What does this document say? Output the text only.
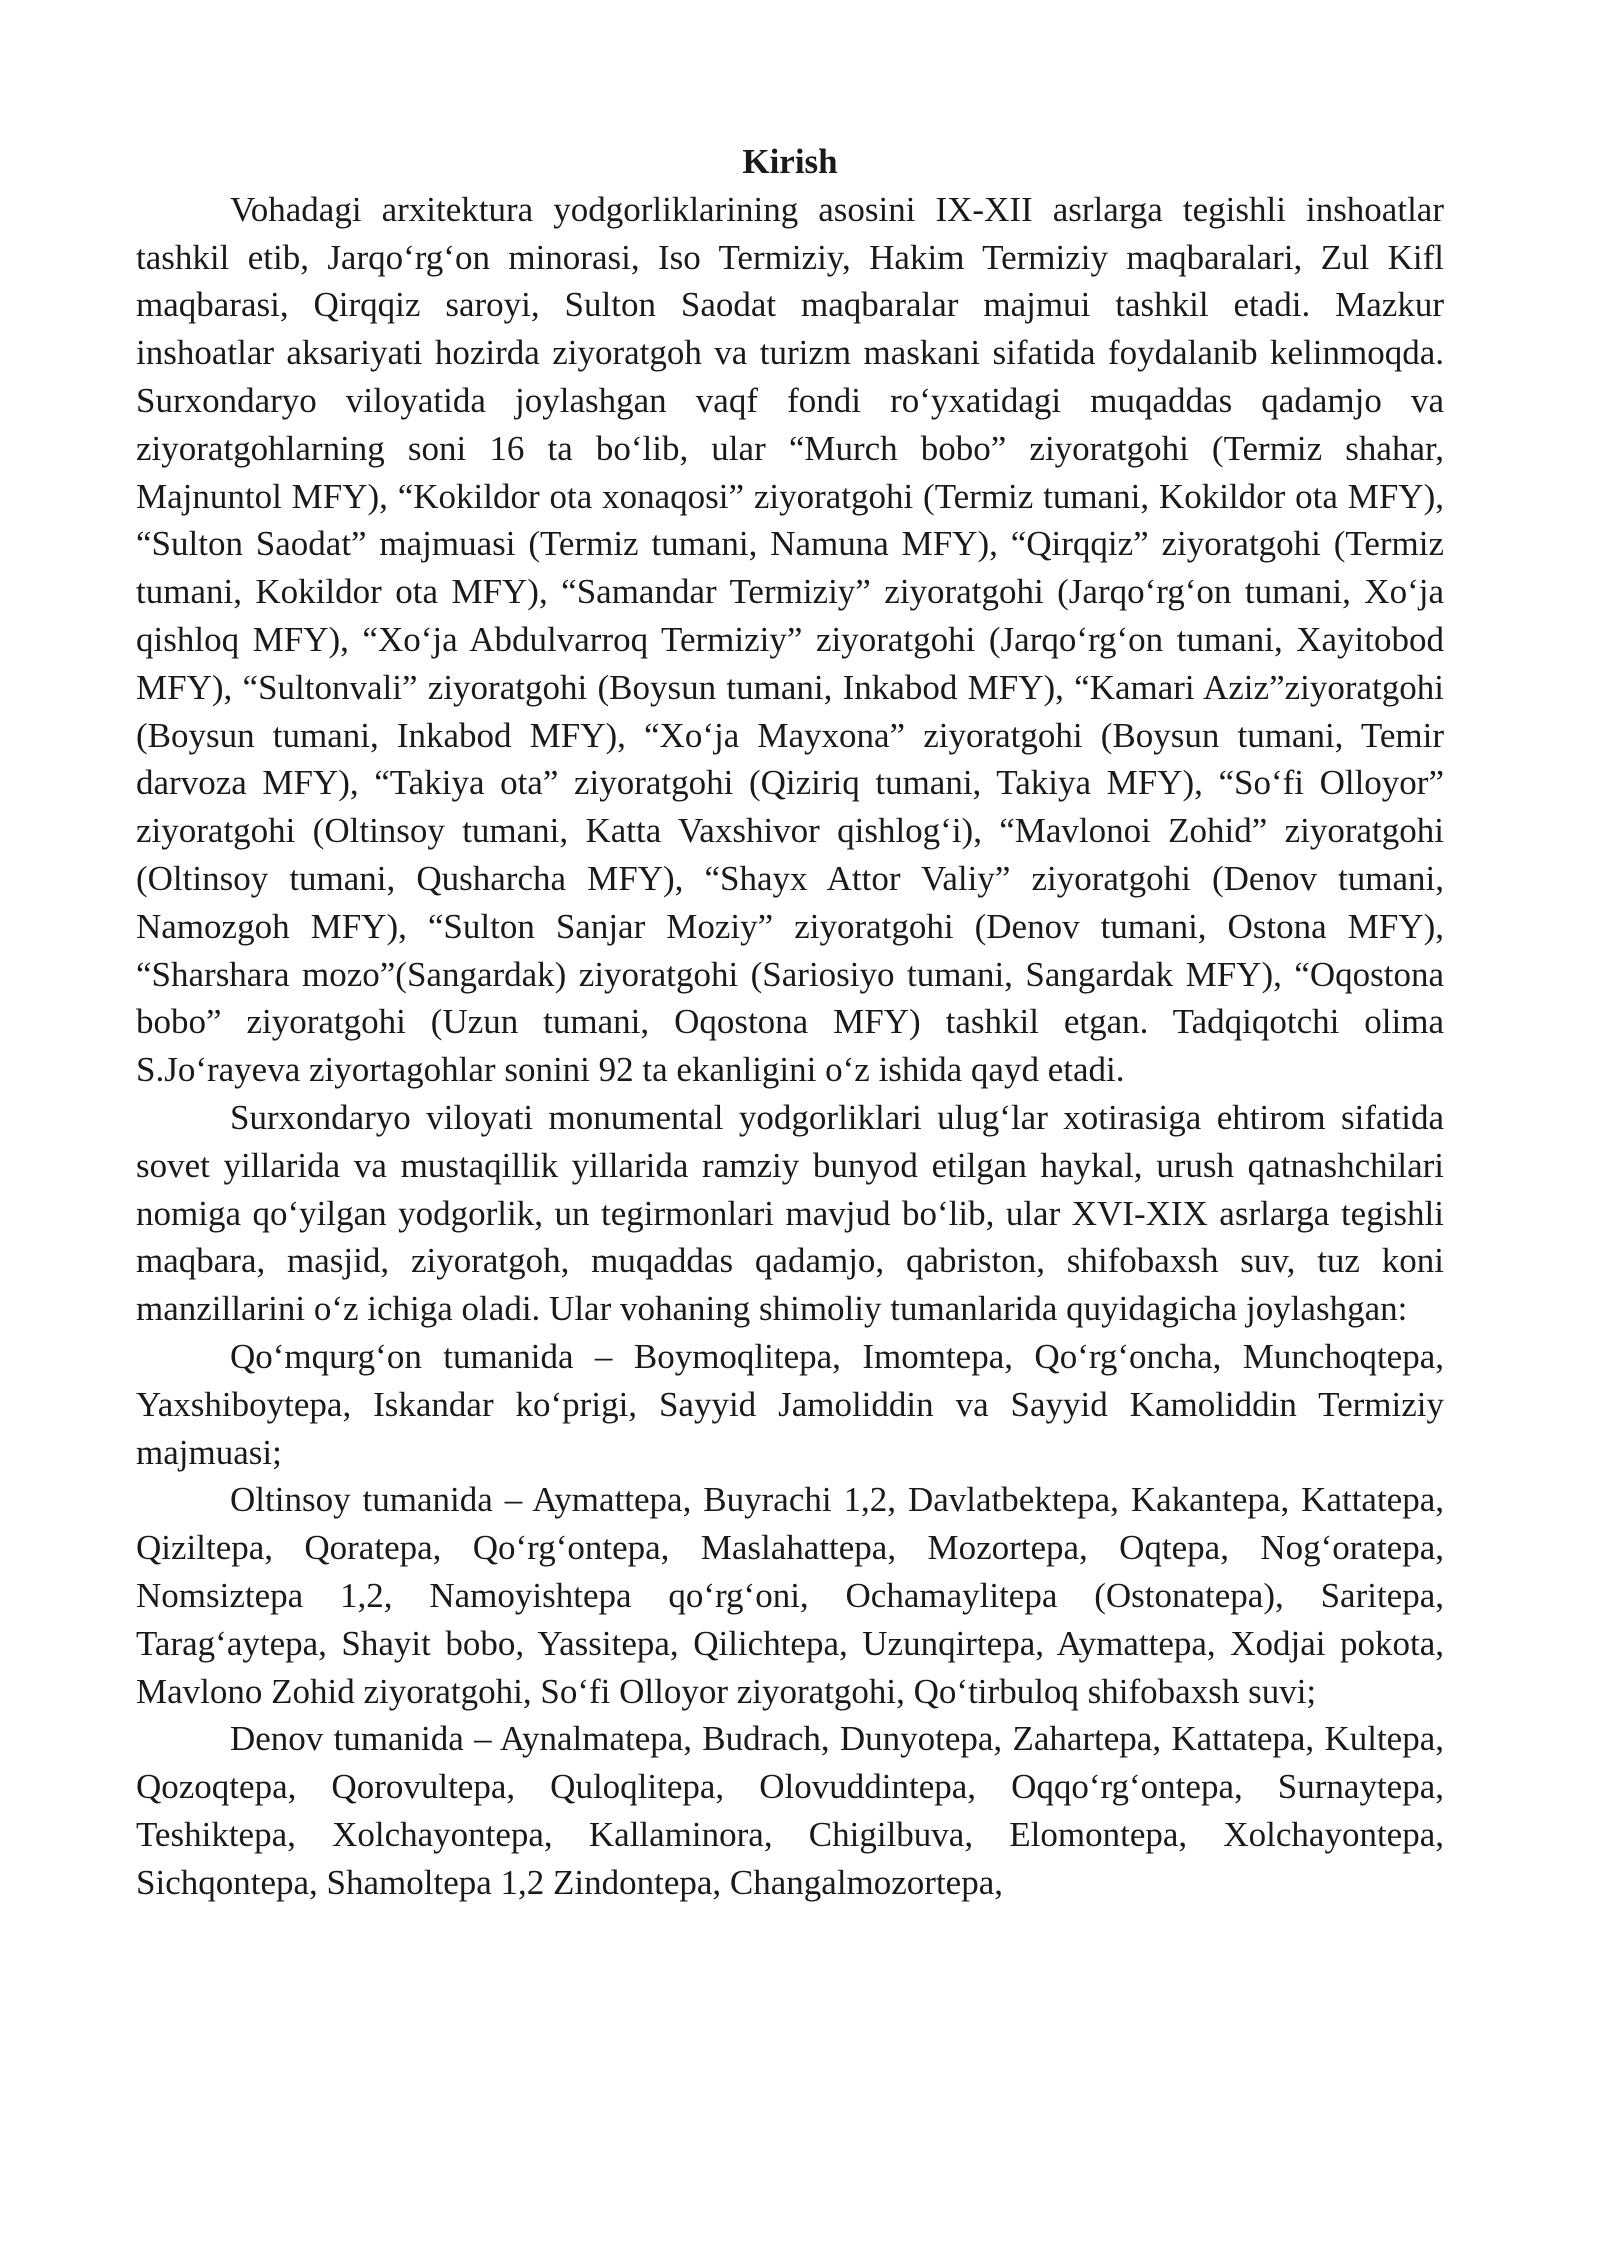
Kirish

Vohadagi arxitektura yodgorliklarining asosini IX-XII asrlarga tegishli inshoatlar tashkil etib, Jarqo‘rg‘on minorasi, Iso Termiziy, Hakim Termiziy maqbaralari, Zul Kifl maqbarasi, Qirqqiz saroyi, Sulton Saodat maqbaralar majmui tashkil etadi. Mazkur inshoatlar aksariyati hozirda ziyoratgoh va turizm maskani sifatida foydalanib kelinmoqda. Surxondaryo viloyatida joylashgan vaqf fondi ro‘yxatidagi muqaddas qadamjo va ziyoratgohlarning soni 16 ta bo‘lib, ular “Murch bobo” ziyoratgohi (Termiz shahar, Majnuntol MFY), “Kokildor ota xonaqosi” ziyoratgohi (Termiz tumani, Kokildor ota MFY), “Sulton Saodat” majmuasi (Termiz tumani, Namuna MFY), “Qirqqiz” ziyoratgohi (Termiz tumani, Kokildor ota MFY), “Samandar Termiziy” ziyoratgohi (Jarqo‘rg‘on tumani, Xo‘ja qishloq MFY), “Xo‘ja Abdulvarroq Termiziy” ziyoratgohi (Jarqo‘rg‘on tumani, Xayitobod MFY), “Sultonvali” ziyoratgohi (Boysun tumani, Inkabod MFY), “Kamari Aziz”ziyoratgohi (Boysun tumani, Inkabod MFY), “Xo‘ja Mayxona” ziyoratgohi (Boysun tumani, Temir darvoza MFY), “Takiya ota” ziyoratgohi (Qiziriq tumani, Takiya MFY), “So‘fi Olloyor” ziyoratgohi (Oltinsoy tumani, Katta Vaxshivor qishlog‘i), “Mavlonoi Zohid” ziyoratgohi (Oltinsoy tumani, Qusharcha MFY), “Shayx Attor Valiy” ziyoratgohi (Denov tumani, Namozgoh MFY), “Sulton Sanjar Moziy” ziyoratgohi (Denov tumani, Ostona MFY), “Sharshara mozo”(Sangardak) ziyoratgohi (Sariosiyo tumani, Sangardak MFY), “Oqostona bobo” ziyoratgohi (Uzun tumani, Oqostona MFY) tashkil etgan. Tadqiqotchi olima S.Jo‘rayeva ziyortagohlar sonini 92 ta ekanligini o‘z ishida qayd etadi.

Surxondaryo viloyati monumental yodgorliklari ulug‘lar xotirasiga ehtirom sifatida sovet yillarida va mustaqillik yillarida ramziy bunyod etilgan haykal, urush qatnashchilari nomiga qo‘yilgan yodgorlik, un tegirmonlari mavjud bo‘lib, ular XVI-XIX asrlarga tegishli maqbara, masjid, ziyoratgoh, muqaddas qadamjo, qabriston, shifobaxsh suv, tuz koni manzillarini o‘z ichiga oladi. Ular vohaning shimoliy tumanlarida quyidagicha joylashgan:

Qo‘mqurg‘on tumanida – Boymoqlitepa, Imomtepa, Qo‘rg‘oncha, Munchoqtepa, Yaxshiboytepa, Iskandar ko‘prigi, Sayyid Jamoliddin va Sayyid Kamoliddin Termiziy majmuasi;

Oltinsoy tumanida – Aymattepa, Buyrachi 1,2, Davlatbektepa, Kakantepa, Kattatepa, Qiziltepa, Qoratepa, Qo‘rg‘ontepa, Maslahattepa, Mozortepa, Oqtepa, Nog‘oratepa, Nomsiztepa 1,2, Namoyishtepa qo‘rg‘oni, Ochamaylitepa (Ostonatepa), Saritepa, Tarag‘aytepa, Shayit bobo, Yassitepa, Qilichtepa, Uzunqirtepa, Aymattepa, Xodjai pokota, Mavlono Zohid ziyoratgohi, So‘fi Olloyor ziyoratgohi, Qo‘tirbuloq shifobaxsh suvi;

Denov tumanida – Aynalmatepa, Budrach, Dunyotepa, Zahartepa, Kattatepa, Kultepa, Qozoqtepa, Qorovultepa, Quloqlitepa, Olovuddintepa, Oqqo‘rg‘ontepa, Surnaytepa, Teshiktepa, Xolchayontepa, Kallaminora, Chigilbuva, Elomontepa, Xolchayontepa, Sichqontepa, Shamoltepa 1,2 Zindontepa, Changalmozortepa,
